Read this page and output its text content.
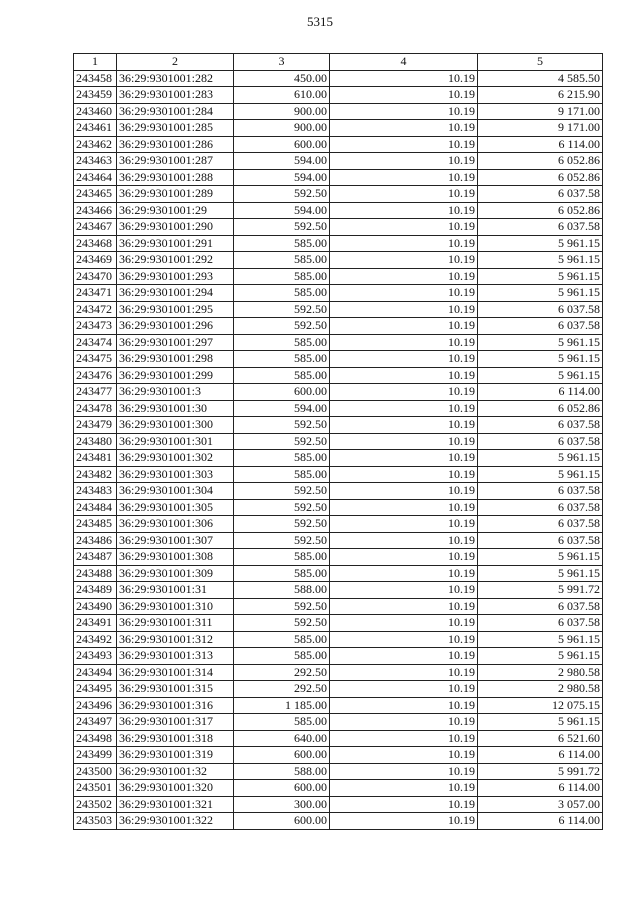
5315
1	2	3	4	5
243458	36:29:9301001:282	450.00	10.19	4 585.50
243459	36:29:9301001:283	610.00	10.19	6 215.90
243460	36:29:9301001:284	900.00	10.19	9 171.00
243461	36:29:9301001:285	900.00	10.19	9 171.00
243462	36:29:9301001:286	600.00	10.19	6 114.00
243463	36:29:9301001:287	594.00	10.19	6 052.86
243464	36:29:9301001:288	594.00	10.19	6 052.86
243465	36:29:9301001:289	592.50	10.19	6 037.58
243466	36:29:9301001:29	594.00	10.19	6 052.86
243467	36:29:9301001:290	592.50	10.19	6 037.58
243468	36:29:9301001:291	585.00	10.19	5 961.15
243469	36:29:9301001:292	585.00	10.19	5 961.15
243470	36:29:9301001:293	585.00	10.19	5 961.15
243471	36:29:9301001:294	585.00	10.19	5 961.15
243472	36:29:9301001:295	592.50	10.19	6 037.58
243473	36:29:9301001:296	592.50	10.19	6 037.58
243474	36:29:9301001:297	585.00	10.19	5 961.15
243475	36:29:9301001:298	585.00	10.19	5 961.15
243476	36:29:9301001:299	585.00	10.19	5 961.15
243477	36:29:9301001:3	600.00	10.19	6 114.00
243478	36:29:9301001:30	594.00	10.19	6 052.86
243479	36:29:9301001:300	592.50	10.19	6 037.58
243480	36:29:9301001:301	592.50	10.19	6 037.58
243481	36:29:9301001:302	585.00	10.19	5 961.15
243482	36:29:9301001:303	585.00	10.19	5 961.15
243483	36:29:9301001:304	592.50	10.19	6 037.58
243484	36:29:9301001:305	592.50	10.19	6 037.58
243485	36:29:9301001:306	592.50	10.19	6 037.58
243486	36:29:9301001:307	592.50	10.19	6 037.58
243487	36:29:9301001:308	585.00	10.19	5 961.15
243488	36:29:9301001:309	585.00	10.19	5 961.15
243489	36:29:9301001:31	588.00	10.19	5 991.72
243490	36:29:9301001:310	592.50	10.19	6 037.58
243491	36:29:9301001:311	592.50	10.19	6 037.58
243492	36:29:9301001:312	585.00	10.19	5 961.15
243493	36:29:9301001:313	585.00	10.19	5 961.15
243494	36:29:9301001:314	292.50	10.19	2 980.58
243495	36:29:9301001:315	292.50	10.19	2 980.58
243496	36:29:9301001:316	1 185.00	10.19	12 075.15
243497	36:29:9301001:317	585.00	10.19	5 961.15
243498	36:29:9301001:318	640.00	10.19	6 521.60
243499	36:29:9301001:319	600.00	10.19	6 114.00
243500	36:29:9301001:32	588.00	10.19	5 991.72
243501	36:29:9301001:320	600.00	10.19	6 114.00
243502	36:29:9301001:321	300.00	10.19	3 057.00
243503	36:29:9301001:322	600.00	10.19	6 114.00
